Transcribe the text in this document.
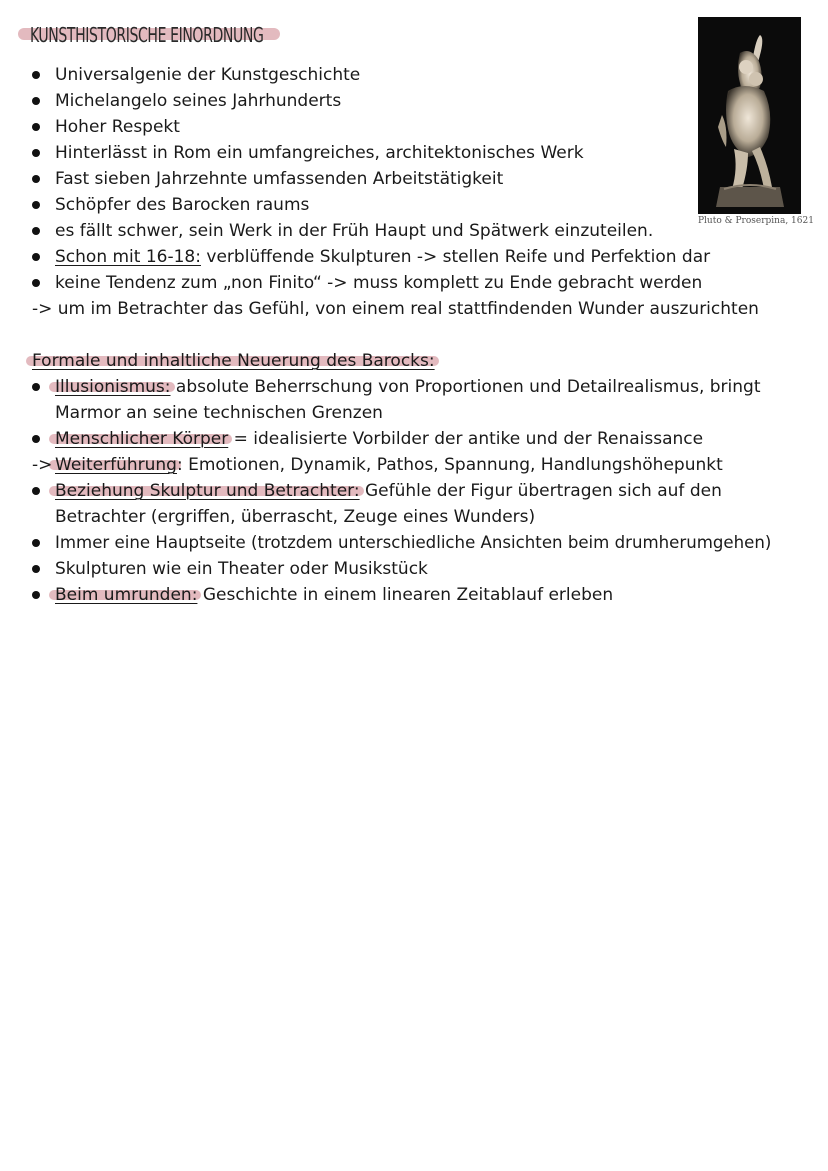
KUNSTHISTORISCHE EINORDNUNG
Pluto & Proserpina, 1621
Universalgenie der Kunstgeschichte
Michelangelo seines Jahrhunderts
Hoher Respekt
Hinterlässt in Rom ein umfangreiches, architektonisches Werk
Fast sieben Jahrzehnte umfassenden Arbeitstätigkeit
Schöpfer des Barocken raums
es fällt schwer, sein Werk in der Früh Haupt und Spätwerk einzuteilen.
Schon mit 16-18: verblüffende Skulpturen -> stellen Reife und Perfektion dar
keine Tendenz zum „non Finito“ -> muss komplett zu Ende gebracht werden
-> um im Betrachter das Gefühl, von einem real stattfindenden Wunder auszurichten
Formale und inhaltliche Neuerung des Barocks:
Illusionismus: absolute Beherrschung von Proportionen und Detailrealismus, bringt
Marmor an seine technischen Grenzen
Menschlicher Körper = idealisierte Vorbilder der antike und der Renaissance
-> Weiterführung: Emotionen, Dynamik, Pathos, Spannung, Handlungshöhepunkt
Beziehung Skulptur und Betrachter: Gefühle der Figur übertragen sich auf den
Betrachter (ergriffen, überrascht, Zeuge eines Wunders)
Immer eine Hauptseite (trotzdem unterschiedliche Ansichten beim drumherumgehen)
Skulpturen wie ein Theater oder Musikstück
Beim umrunden: Geschichte in einem linearen Zeitablauf erleben
